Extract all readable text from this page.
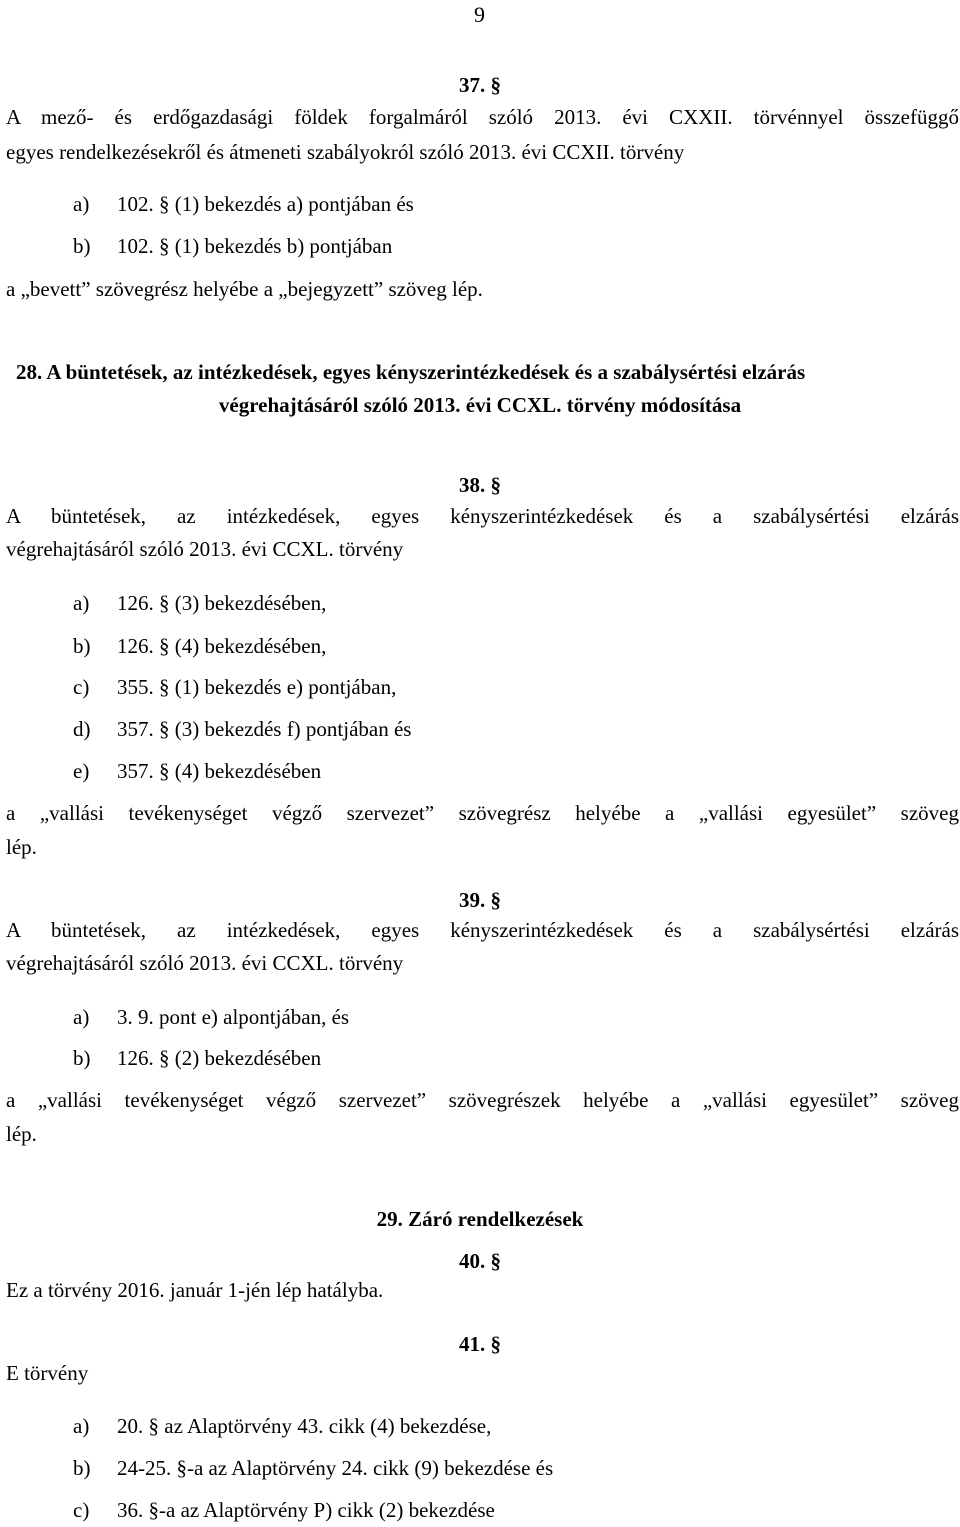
9
37. §
A mező- és erdőgazdasági földek forgalmáról szóló 2013. évi CXXII. törvénnyel összefüggő
egyes rendelkezésekről és átmeneti szabályokról szóló 2013. évi CCXII. törvény
a) 102. § (1) bekezdés a) pontjában és
b) 102. § (1) bekezdés b) pontjában
a „bevett” szövegrész helyébe a „bejegyzett” szöveg lép.
28. A büntetések, az intézkedések, egyes kényszerintézkedések és a szabálysértési elzárás
végrehajtásáról szóló 2013. évi CCXL. törvény módosítása
38. §
A büntetések, az intézkedések, egyes kényszerintézkedések és a szabálysértési elzárás
végrehajtásáról szóló 2013. évi CCXL. törvény
a) 126. § (3) bekezdésében,
b) 126. § (4) bekezdésében,
c) 355. § (1) bekezdés e) pontjában,
d) 357. § (3) bekezdés f) pontjában és
e) 357. § (4) bekezdésében
a „vallási tevékenységet végző szervezet” szövegrész helyébe a „vallási egyesület” szöveg
lép.
39. §
A büntetések, az intézkedések, egyes kényszerintézkedések és a szabálysértési elzárás
végrehajtásáról szóló 2013. évi CCXL. törvény
a) 3. 9. pont e) alpontjában, és
b) 126. § (2) bekezdésében
a „vallási tevékenységet végző szervezet” szövegrészek helyébe a „vallási egyesület” szöveg
lép.
29. Záró rendelkezések
40. §
Ez a törvény 2016. január 1-jén lép hatályba.
41. §
E törvény
a) 20. § az Alaptörvény 43. cikk (4) bekezdése,
b) 24-25. §-a az Alaptörvény 24. cikk (9) bekezdése és
c) 36. §-a az Alaptörvény P) cikk (2) bekezdése
